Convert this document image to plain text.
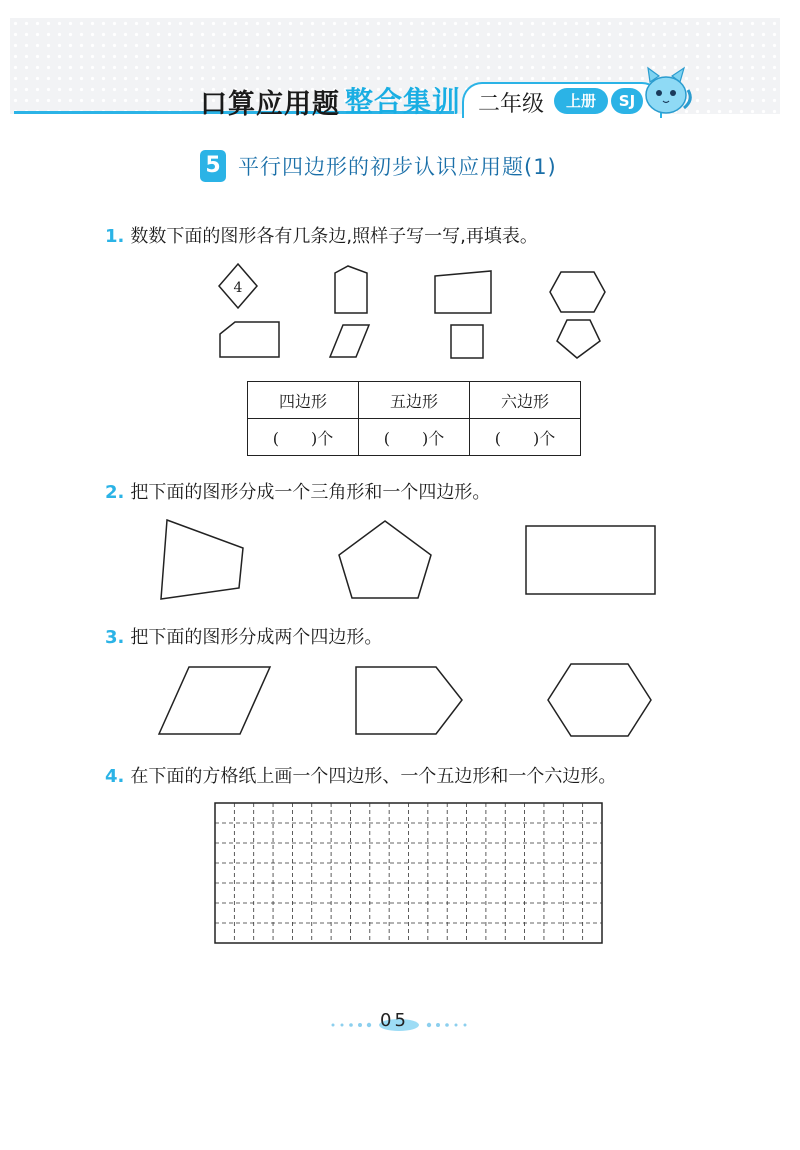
口算应用题 整合集训 二年级	上册	SJ
5 平行四边形的初步认识应用题(1)
1. 数数下面的图形各有几条边,照样子写一写,再填表。
2. 把下面的图形分成一个三角形和一个四边形。
3. 把下面的图形分成两个四边形。
4. 在下面的方格纸上画一个四边形、一个五边形和一个六边形。
4
四边形	五边形	六边形
(　　)个	(　　)个	(　　)个
05
